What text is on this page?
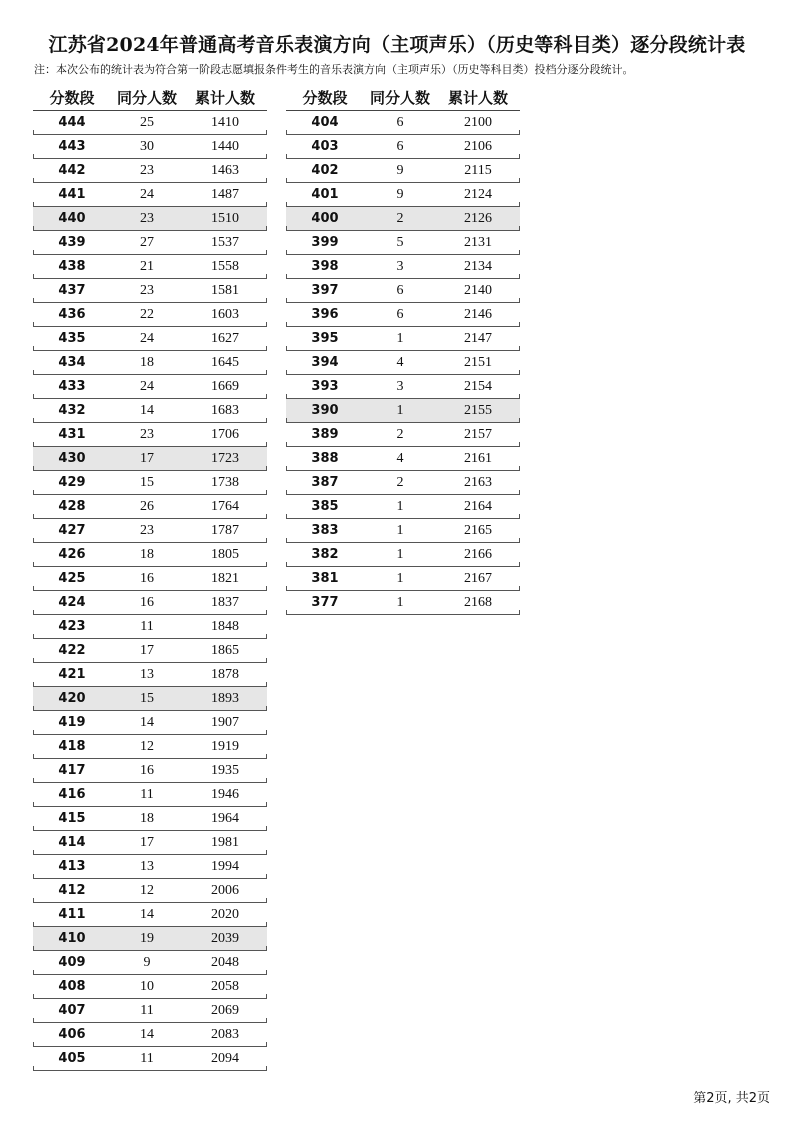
江苏省2024年普通高考音乐表演方向（主项声乐）（历史等科目类）逐分段统计表
注：本次公布的统计表为符合第一阶段志愿填报条件考生的音乐表演方向（主项声乐）（历史等科目类）投档分逐分段统计。
分数段	同分人数	累计人数
444	25	1410
443	30	1440
442	23	1463
441	24	1487
440	23	1510
439	27	1537
438	21	1558
437	23	1581
436	22	1603
435	24	1627
434	18	1645
433	24	1669
432	14	1683
431	23	1706
430	17	1723
429	15	1738
428	26	1764
427	23	1787
426	18	1805
425	16	1821
424	16	1837
423	11	1848
422	17	1865
421	13	1878
420	15	1893
419	14	1907
418	12	1919
417	16	1935
416	11	1946
415	18	1964
414	17	1981
413	13	1994
412	12	2006
411	14	2020
410	19	2039
409	9	2048
408	10	2058
407	11	2069
406	14	2083
405	11	2094
分数段	同分人数	累计人数
404	6	2100
403	6	2106
402	9	2115
401	9	2124
400	2	2126
399	5	2131
398	3	2134
397	6	2140
396	6	2146
395	1	2147
394	4	2151
393	3	2154
390	1	2155
389	2	2157
388	4	2161
387	2	2163
385	1	2164
383	1	2165
382	1	2166
381	1	2167
377	1	2168
第2页, 共2页
